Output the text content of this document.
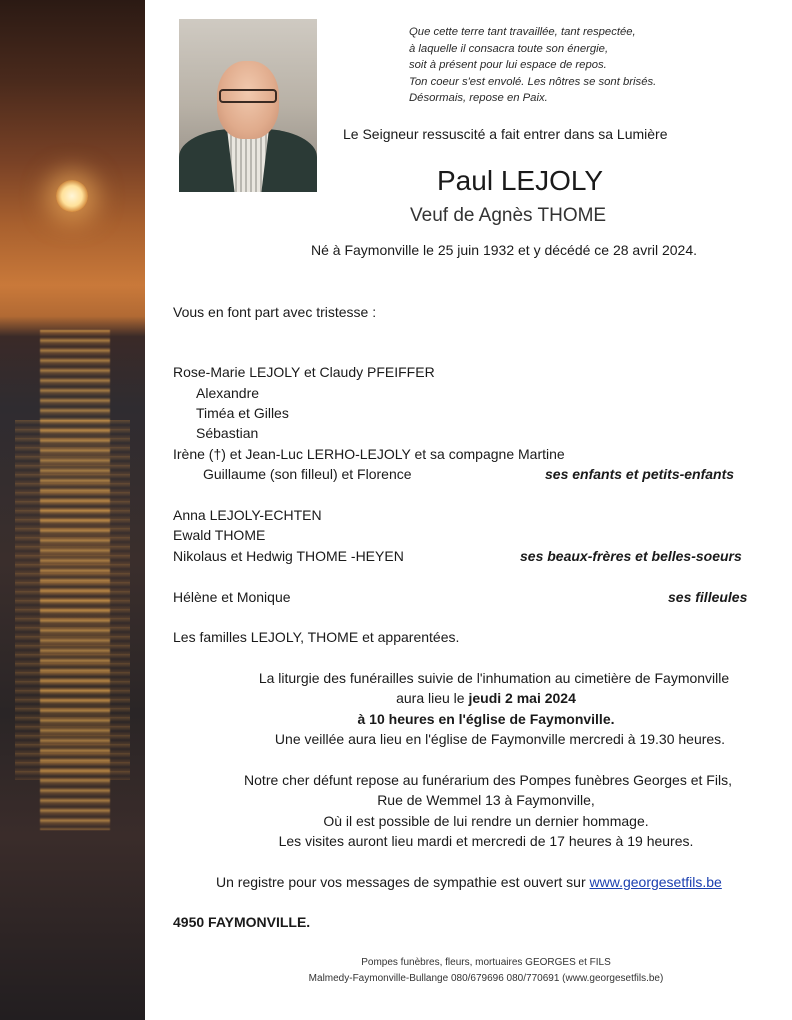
Que cette terre tant travaillée, tant respectée,
à laquelle il consacra toute son énergie,
soit à présent pour lui espace de repos.
Ton coeur s'est envolé. Les nôtres se sont brisés.
Désormais, repose en Paix.
Le Seigneur ressuscité a fait entrer dans sa Lumière
Paul LEJOLY
Veuf de Agnès THOME
Né à Faymonville le 25 juin 1932 et y décédé ce 28 avril 2024.
Vous en font part avec tristesse :
Rose-Marie LEJOLY et Claudy PFEIFFER
Alexandre
Timéa et Gilles
Sébastian
Irène (†) et Jean-Luc LERHO-LEJOLY et sa compagne Martine
Guillaume (son filleul) et Florence	ses enfants et petits-enfants
Anna LEJOLY-ECHTEN
Ewald THOME
Nikolaus et Hedwig THOME -HEYEN	ses beaux-frères et belles-soeurs
Hélène et Monique	ses filleules
Les familles LEJOLY, THOME et apparentées.
La liturgie des funérailles suivie de l'inhumation au cimetière de Faymonville
aura lieu le jeudi 2 mai 2024
à 10 heures en l'église de Faymonville.
Une veillée aura lieu en l'église de Faymonville mercredi à 19.30 heures.
Notre cher défunt repose au funérarium des Pompes funèbres Georges et Fils,
Rue de Wemmel 13 à Faymonville,
Où il est possible de lui rendre un dernier hommage.
Les visites auront lieu mardi et mercredi de 17 heures à 19 heures.
Un registre pour vos messages de sympathie est ouvert sur www.georgesetfils.be
4950 FAYMONVILLE.
Pompes funèbres, fleurs, mortuaires GEORGES et FILS
Malmedy-Faymonville-Bullange 080/679696 080/770691 (www.georgesetfils.be)
